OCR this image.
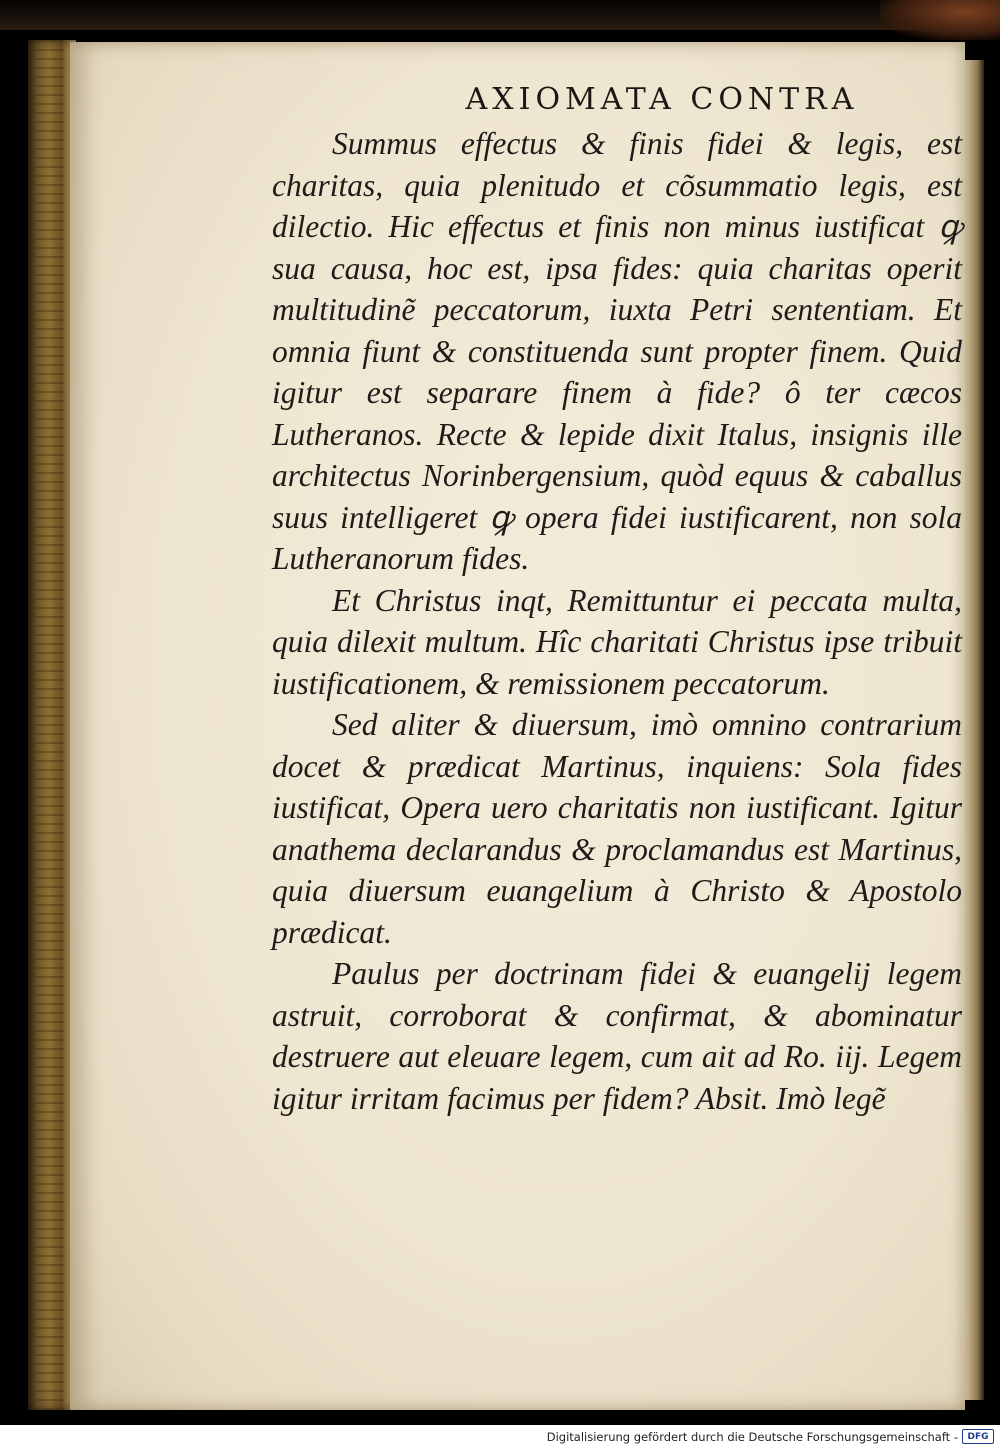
AXIOMATA CONTRA

Summus effectus & finis fidei & legis, est charitas, quia plenitudo et cõsummatio legis, est dilectio. Hic effectus et finis non minus iustificat ꝙ sua causa, hoc est, ipsa fides: quia charitas operit multitudinẽ peccatorum, iuxta Petri sententiam. Et omnia fiunt & constituenda sunt propter finem. Quid igitur est separare finem à fide? ô ter cæcos Lutheranos. Recte & lepide dixit Italus, insignis ille architectus Norinbergensium, quòd equus & caballus suus intelligeret ꝙ opera fidei iustificarent, non sola Lutheranorum fides.

Et Christus inqt, Remittuntur ei peccata multa, quia dilexit multum. Hîc charitati Christus ipse tribuit iustificationem, & remissionem peccatorum.

Sed aliter & diuersum, imò omnino contrarium docet & prædicat Martinus, inquiens: Sola fides iustificat, Opera uero charitatis non iustificant. Igitur anathema declarandus & proclamandus est Martinus, quia diuersum euangelium à Christo & Apostolo prædicat.

Paulus per doctrinam fidei & euangelij legem astruit, corroborat & confirmat, & abominatur destruere aut eleuare legem, cum ait ad Ro. iij. Legem igitur irritam facimus per fidem? Absit. Imò legẽ

Digitalisierung gefördert durch die Deutsche Forschungsgemeinschaft -	DFG
